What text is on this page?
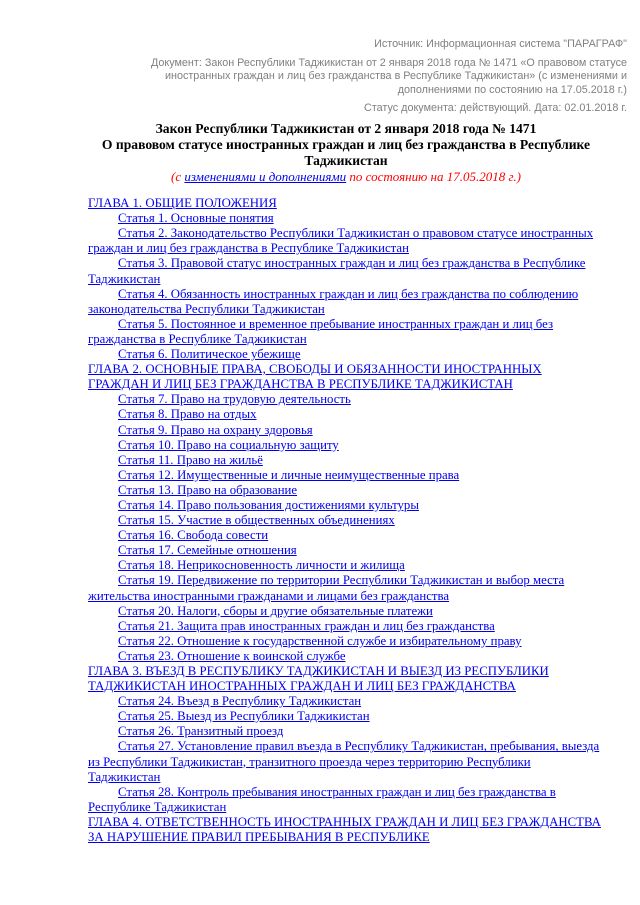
Источник: Информационная система "ПАРАГРАФ"

Документ: Закон Республики Таджикистан от 2 января 2018 года № 1471 «О правовом статусе иностранных граждан и лиц без гражданства в Республике Таджикистан» (с изменениями и дополнениями по состоянию на 17.05.2018 г.)

Статус документа: действующий. Дата: 02.01.2018 г.

Закон Республики Таджикистан от 2 января 2018 года № 1471
О правовом статусе иностранных граждан и лиц без гражданства в Республике Таджикистан

(с изменениями и дополнениями по состоянию на 17.05.2018 г.)

ГЛАВА 1. ОБЩИЕ ПОЛОЖЕНИЯ

Статья 1. Основные понятия

Статья 2. Законодательство Республики Таджикистан о правовом статусе иностранных граждан и лиц без гражданства в Республике Таджикистан

Статья 3. Правовой статус иностранных граждан и лиц без гражданства в Республике Таджикистан

Статья 4. Обязанность иностранных граждан и лиц без гражданства по соблюдению законодательства Республики Таджикистан

Статья 5. Постоянное и временное пребывание иностранных граждан и лиц без гражданства в Республике Таджикистан

Статья 6. Политическое убежище

ГЛАВА 2. ОСНОВНЫЕ ПРАВА, СВОБОДЫ И ОБЯЗАННОСТИ ИНОСТРАННЫХ ГРАЖДАН И ЛИЦ БЕЗ ГРАЖДАНСТВА В РЕСПУБЛИКЕ ТАДЖИКИСТАН

Статья 7. Право на трудовую деятельность

Статья 8. Право на отдых

Статья 9. Право на охрану здоровья

Статья 10. Право на социальную защиту

Статья 11. Право на жильё

Статья 12. Имущественные и личные неимущественные права

Статья 13. Право на образование

Статья 14. Право пользования достижениями культуры

Статья 15. Участие в общественных объединениях

Статья 16. Свобода совести

Статья 17. Семейные отношения

Статья 18. Неприкосновенность личности и жилища

Статья 19. Передвижение по территории Республики Таджикистан и выбор места жительства иностранными гражданами и лицами без гражданства

Статья 20. Налоги, сборы и другие обязательные платежи

Статья 21. Защита прав иностранных граждан и лиц без гражданства

Статья 22. Отношение к государственной службе и избирательному праву

Статья 23. Отношение к воинской службе

ГЛАВА 3. ВЪЕЗД В РЕСПУБЛИКУ ТАДЖИКИСТАН И ВЫЕЗД ИЗ РЕСПУБЛИКИ ТАДЖИКИСТАН ИНОСТРАННЫХ ГРАЖДАН И ЛИЦ БЕЗ ГРАЖДАНСТВА

Статья 24. Въезд в Республику Таджикистан

Статья 25. Выезд из Республики Таджикистан

Статья 26. Транзитный проезд

Статья 27. Установление правил въезда в Республику Таджикистан, пребывания, выезда из Республики Таджикистан, транзитного проезда через территорию Республики Таджикистан

Статья 28. Контроль пребывания иностранных граждан и лиц без гражданства в Республике Таджикистан

ГЛАВА 4. ОТВЕТСТВЕННОСТЬ ИНОСТРАННЫХ ГРАЖДАН И ЛИЦ БЕЗ ГРАЖДАНСТВА ЗА НАРУШЕНИЕ ПРАВИЛ ПРЕБЫВАНИЯ В РЕСПУБЛИКЕ
